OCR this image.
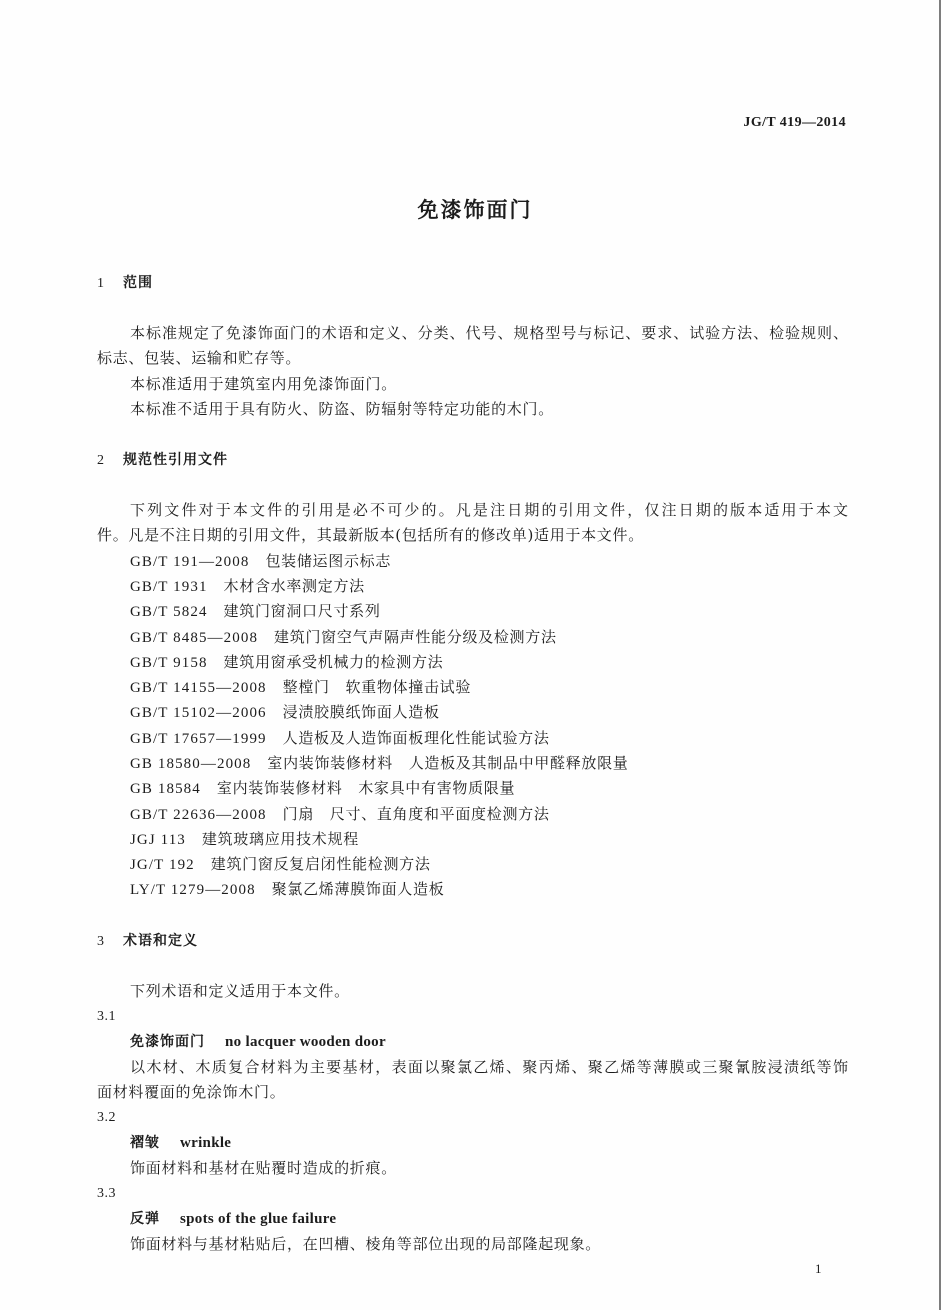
JG/T 419—2014
免漆饰面门
1 范围
本标准规定了免漆饰面门的术语和定义、分类、代号、规格型号与标记、要求、试验方法、检验规则、
标志、包装、运输和贮存等。
本标准适用于建筑室内用免漆饰面门。
本标准不适用于具有防火、防盗、防辐射等特定功能的木门。
2 规范性引用文件
下列文件对于本文件的引用是必不可少的。凡是注日期的引用文件，仅注日期的版本适用于本文
件。凡是不注日期的引用文件，其最新版本(包括所有的修改单)适用于本文件。
GB/T 191—2008 包装储运图示标志
GB/T 1931 木材含水率测定方法
GB/T 5824 建筑门窗洞口尺寸系列
GB/T 8485—2008 建筑门窗空气声隔声性能分级及检测方法
GB/T 9158 建筑用窗承受机械力的检测方法
GB/T 14155—2008 整樘门　软重物体撞击试验
GB/T 15102—2006 浸渍胶膜纸饰面人造板
GB/T 17657—1999 人造板及人造饰面板理化性能试验方法
GB 18580—2008 室内装饰装修材料　人造板及其制品中甲醛释放限量
GB 18584 室内装饰装修材料　木家具中有害物质限量
GB/T 22636—2008 门扇　尺寸、直角度和平面度检测方法
JGJ 113 建筑玻璃应用技术规程
JG/T 192 建筑门窗反复启闭性能检测方法
LY/T 1279—2008 聚氯乙烯薄膜饰面人造板
3 术语和定义
下列术语和定义适用于本文件。
3.1
免漆饰面门 no lacquer wooden door
以木材、木质复合材料为主要基材，表面以聚氯乙烯、聚丙烯、聚乙烯等薄膜或三聚氰胺浸渍纸等饰
面材料覆面的免涂饰木门。
3.2
褶皱 wrinkle
饰面材料和基材在贴覆时造成的折痕。
3.3
反弹 spots of the glue failure
饰面材料与基材粘贴后，在凹槽、棱角等部位出现的局部隆起现象。
1
